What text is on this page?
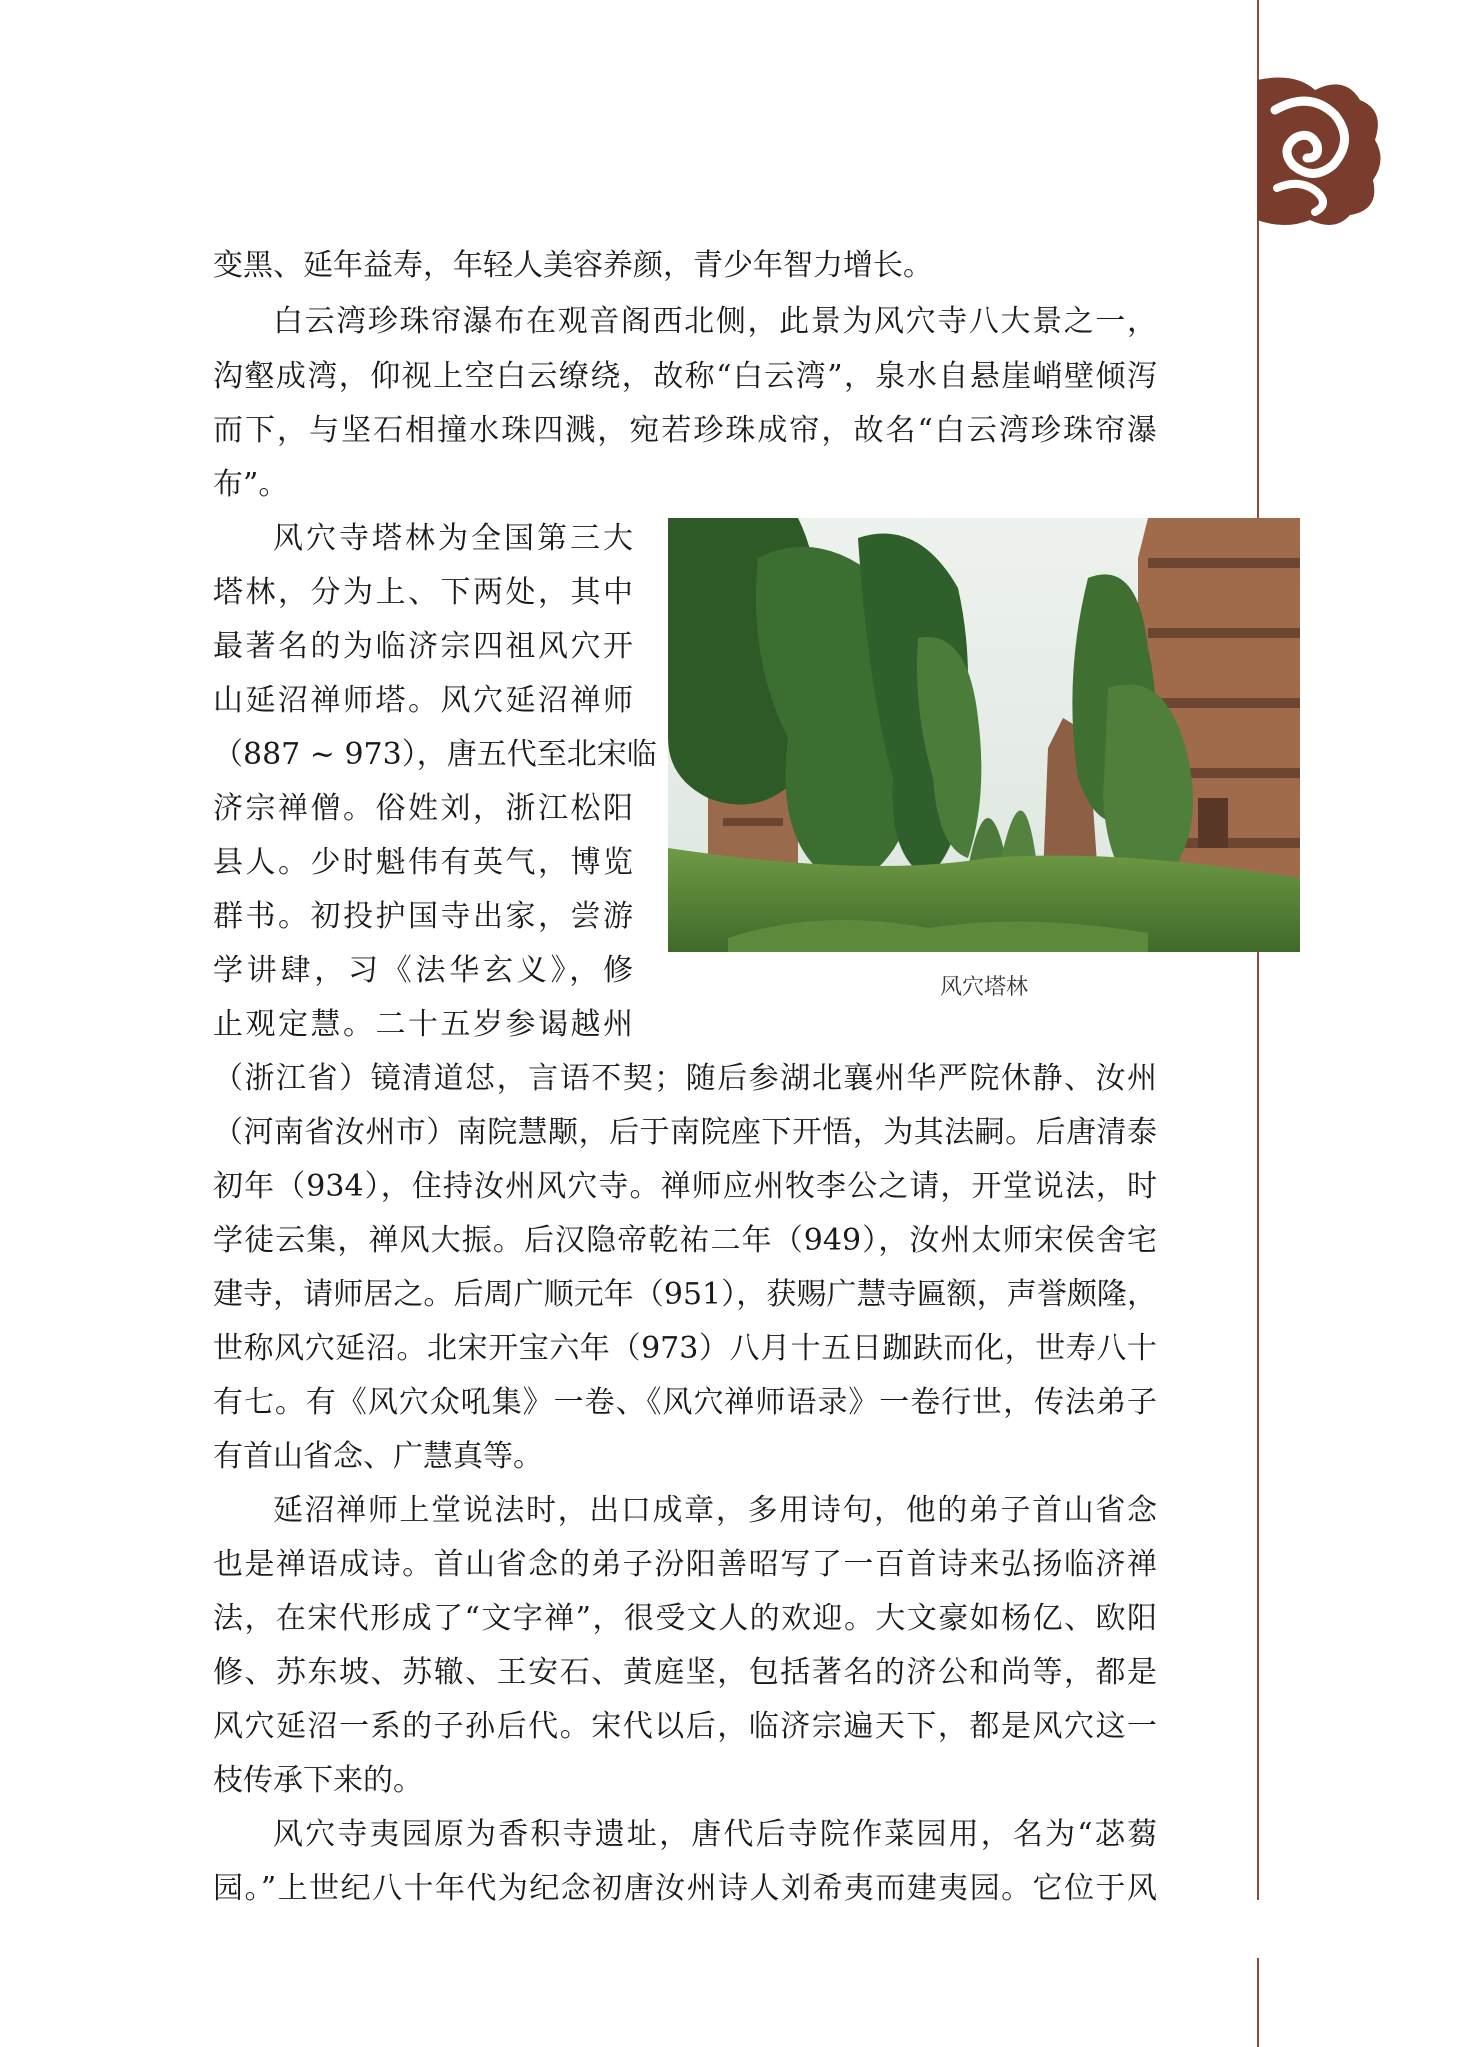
变黑、延年益寿，年轻人美容养颜，青少年智力增长。
白云湾珍珠帘瀑布在观音阁西北侧，此景为风穴寺八大景之一，
沟壑成湾，仰视上空白云缭绕，故称“白云湾”，泉水自悬崖峭壁倾泻
而下，与坚石相撞水珠四溅，宛若珍珠成帘，故名“白云湾珍珠帘瀑
布”。
风穴寺塔林为全国第三大
塔林，分为上、下两处，其中
最著名的为临济宗四祖风穴开
山延沼禅师塔。风穴延沼禅师
（887 ~ 973），唐五代至北宋临
济宗禅僧。俗姓刘，浙江松阳
县人。少时魁伟有英气，博览
群书。初投护国寺出家，尝游
学讲肆，习《法华玄义》，修
止观定慧。二十五岁参谒越州
（浙江省）镜清道怤，言语不契；随后参湖北襄州华严院休静、汝州
（河南省汝州市）南院慧颙，后于南院座下开悟，为其法嗣。后唐清泰
初年（934），住持汝州风穴寺。禅师应州牧李公之请，开堂说法，时
学徒云集，禅风大振。后汉隐帝乾祐二年（949），汝州太师宋侯舍宅
建寺，请师居之。后周广顺元年（951），获赐广慧寺匾额，声誉颇隆，
世称风穴延沼。北宋开宝六年（973）八月十五日跏趺而化，世寿八十
有七。有《风穴众吼集》一卷、《风穴禅师语录》一卷行世，传法弟子
有首山省念、广慧真等。
延沼禅师上堂说法时，出口成章，多用诗句，他的弟子首山省念
也是禅语成诗。首山省念的弟子汾阳善昭写了一百首诗来弘扬临济禅
法，在宋代形成了“文字禅”，很受文人的欢迎。大文豪如杨亿、欧阳
修、苏东坡、苏辙、王安石、黄庭坚，包括著名的济公和尚等，都是
风穴延沼一系的子孙后代。宋代以后，临济宗遍天下，都是风穴这一
枝传承下来的。
风穴寺夷园原为香积寺遗址，唐代后寺院作菜园用，名为“苾蒭
园。”上世纪八十年代为纪念初唐汝州诗人刘希夷而建夷园。它位于风
风穴塔林
